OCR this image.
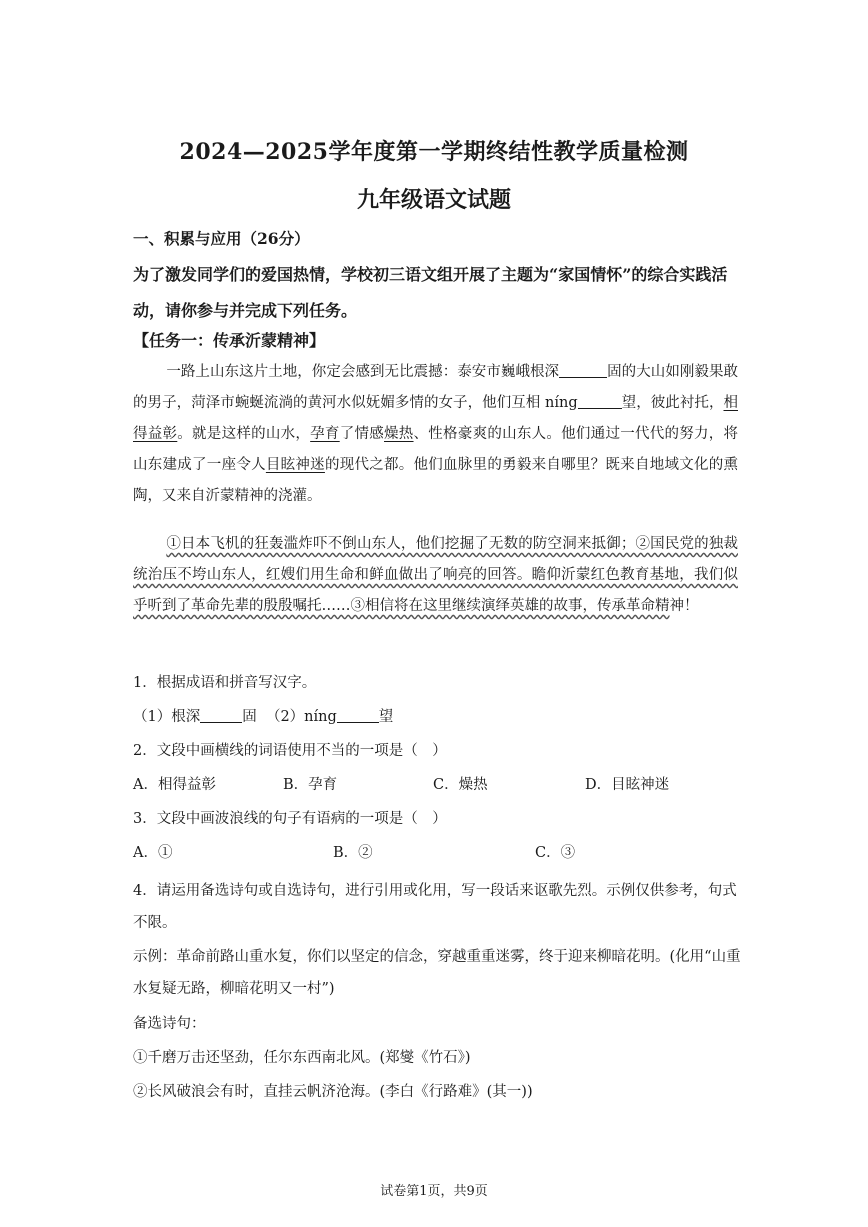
2024—2025学年度第一学期终结性教学质量检测
九年级语文试题
一、积累与应用（26分）
为了激发同学们的爱国热情，学校初三语文组开展了主题为“家国情怀”的综合实践活动，请你参与并完成下列任务。
【任务一：传承沂蒙精神】
一路上山东这片土地，你定会感到无比震撼：泰安市巍峨根深	固的大山如刚毅果敢的男子，菏泽市蜿蜒流淌的黄河水似妩媚多情的女子，他们互相 níng	望，彼此衬托，相得益彰。就是这样的山水，孕育了情感燥热、性格豪爽的山东人。他们通过一代代的努力，将山东建成了一座令人目眩神迷的现代之都。他们血脉里的勇毅来自哪里？既来自地域文化的熏陶，又来自沂蒙精神的浇灌。
①日本飞机的狂轰滥炸吓不倒山东人，他们挖掘了无数的防空洞来抵御；②国民党的独裁统治压不垮山东人，红嫂们用生命和鲜血做出了响亮的回答。瞻仰沂蒙红色教育基地，我们似乎听到了革命先辈的殷殷嘱托……③相信将在这里继续演绎英雄的故事，传承革命精神！
1．根据成语和拼音写汉字。
（1）根深	固 （2）níng	望
2．文段中画横线的词语使用不当的一项是（　）
A．相得益彰	B．孕育	C．燥热	D．目眩神迷
3．文段中画波浪线的句子有语病的一项是（　）
A．①	B．②	C．③
4．请运用备选诗句或自选诗句，进行引用或化用，写一段话来讴歌先烈。示例仅供参考，句式不限。
示例：革命前路山重水复，你们以坚定的信念，穿越重重迷雾，终于迎来柳暗花明。(化用“山重水复疑无路，柳暗花明又一村”)
备选诗句：
①千磨万击还坚劲，任尔东西南北风。(郑燮《竹石》)
②长风破浪会有时，直挂云帆济沧海。(李白《行路难》(其一))
试卷第1页，共9页
